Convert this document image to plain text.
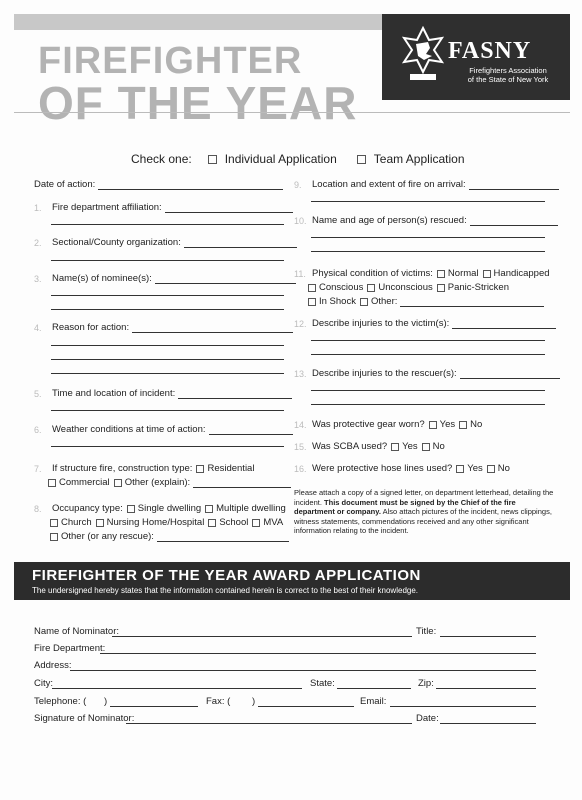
FIREFIGHTER
OF THE YEAR
FASNY
Firefighters Association
of the State of New York
Check one:	Individual Application	Team Application
Date of action:
1.	Fire department affiliation:
2.	Sectional/County organization:
3.	Name(s) of nominee(s):
4.	Reason for action:
5.	Time and location of incident:
6.	Weather conditions at time of action:
7.	If structure fire, construction type: Residential
Commercial Other (explain):
8.	Occupancy type: Single dwelling Multiple dwelling
Church Nursing Home/Hospital School MVA
Other (or any rescue):
9.	Location and extent of fire on arrival:
10. Name and age of person(s) rescued:
11. Physical condition of victims: Normal Handicapped
Conscious Unconscious Panic-Stricken
In Shock Other:
12. Describe injuries to the victim(s):
13. Describe injuries to the rescuer(s):
14. Was protective gear worn? Yes No
15. Was SCBA used? Yes No
16. Were protective hose lines used? Yes No
Please attach a copy of a signed letter, on department letterhead, detailing the incident. This document must be signed by the Chief of the fire department or company. Also attach pictures of the incident, news clippings, witness statements, commendations received and any other significant information relating to the incident.
FIREFIGHTER OF THE YEAR AWARD APPLICATION
The undersigned hereby states that the information contained herein is correct to the best of their knowledge.
Name of Nominator:	Title:
Fire Department:
Address:
City:	State:	Zip:
Telephone: ( )	Fax: ( )	Email:
Signature of Nominator:	Date:
